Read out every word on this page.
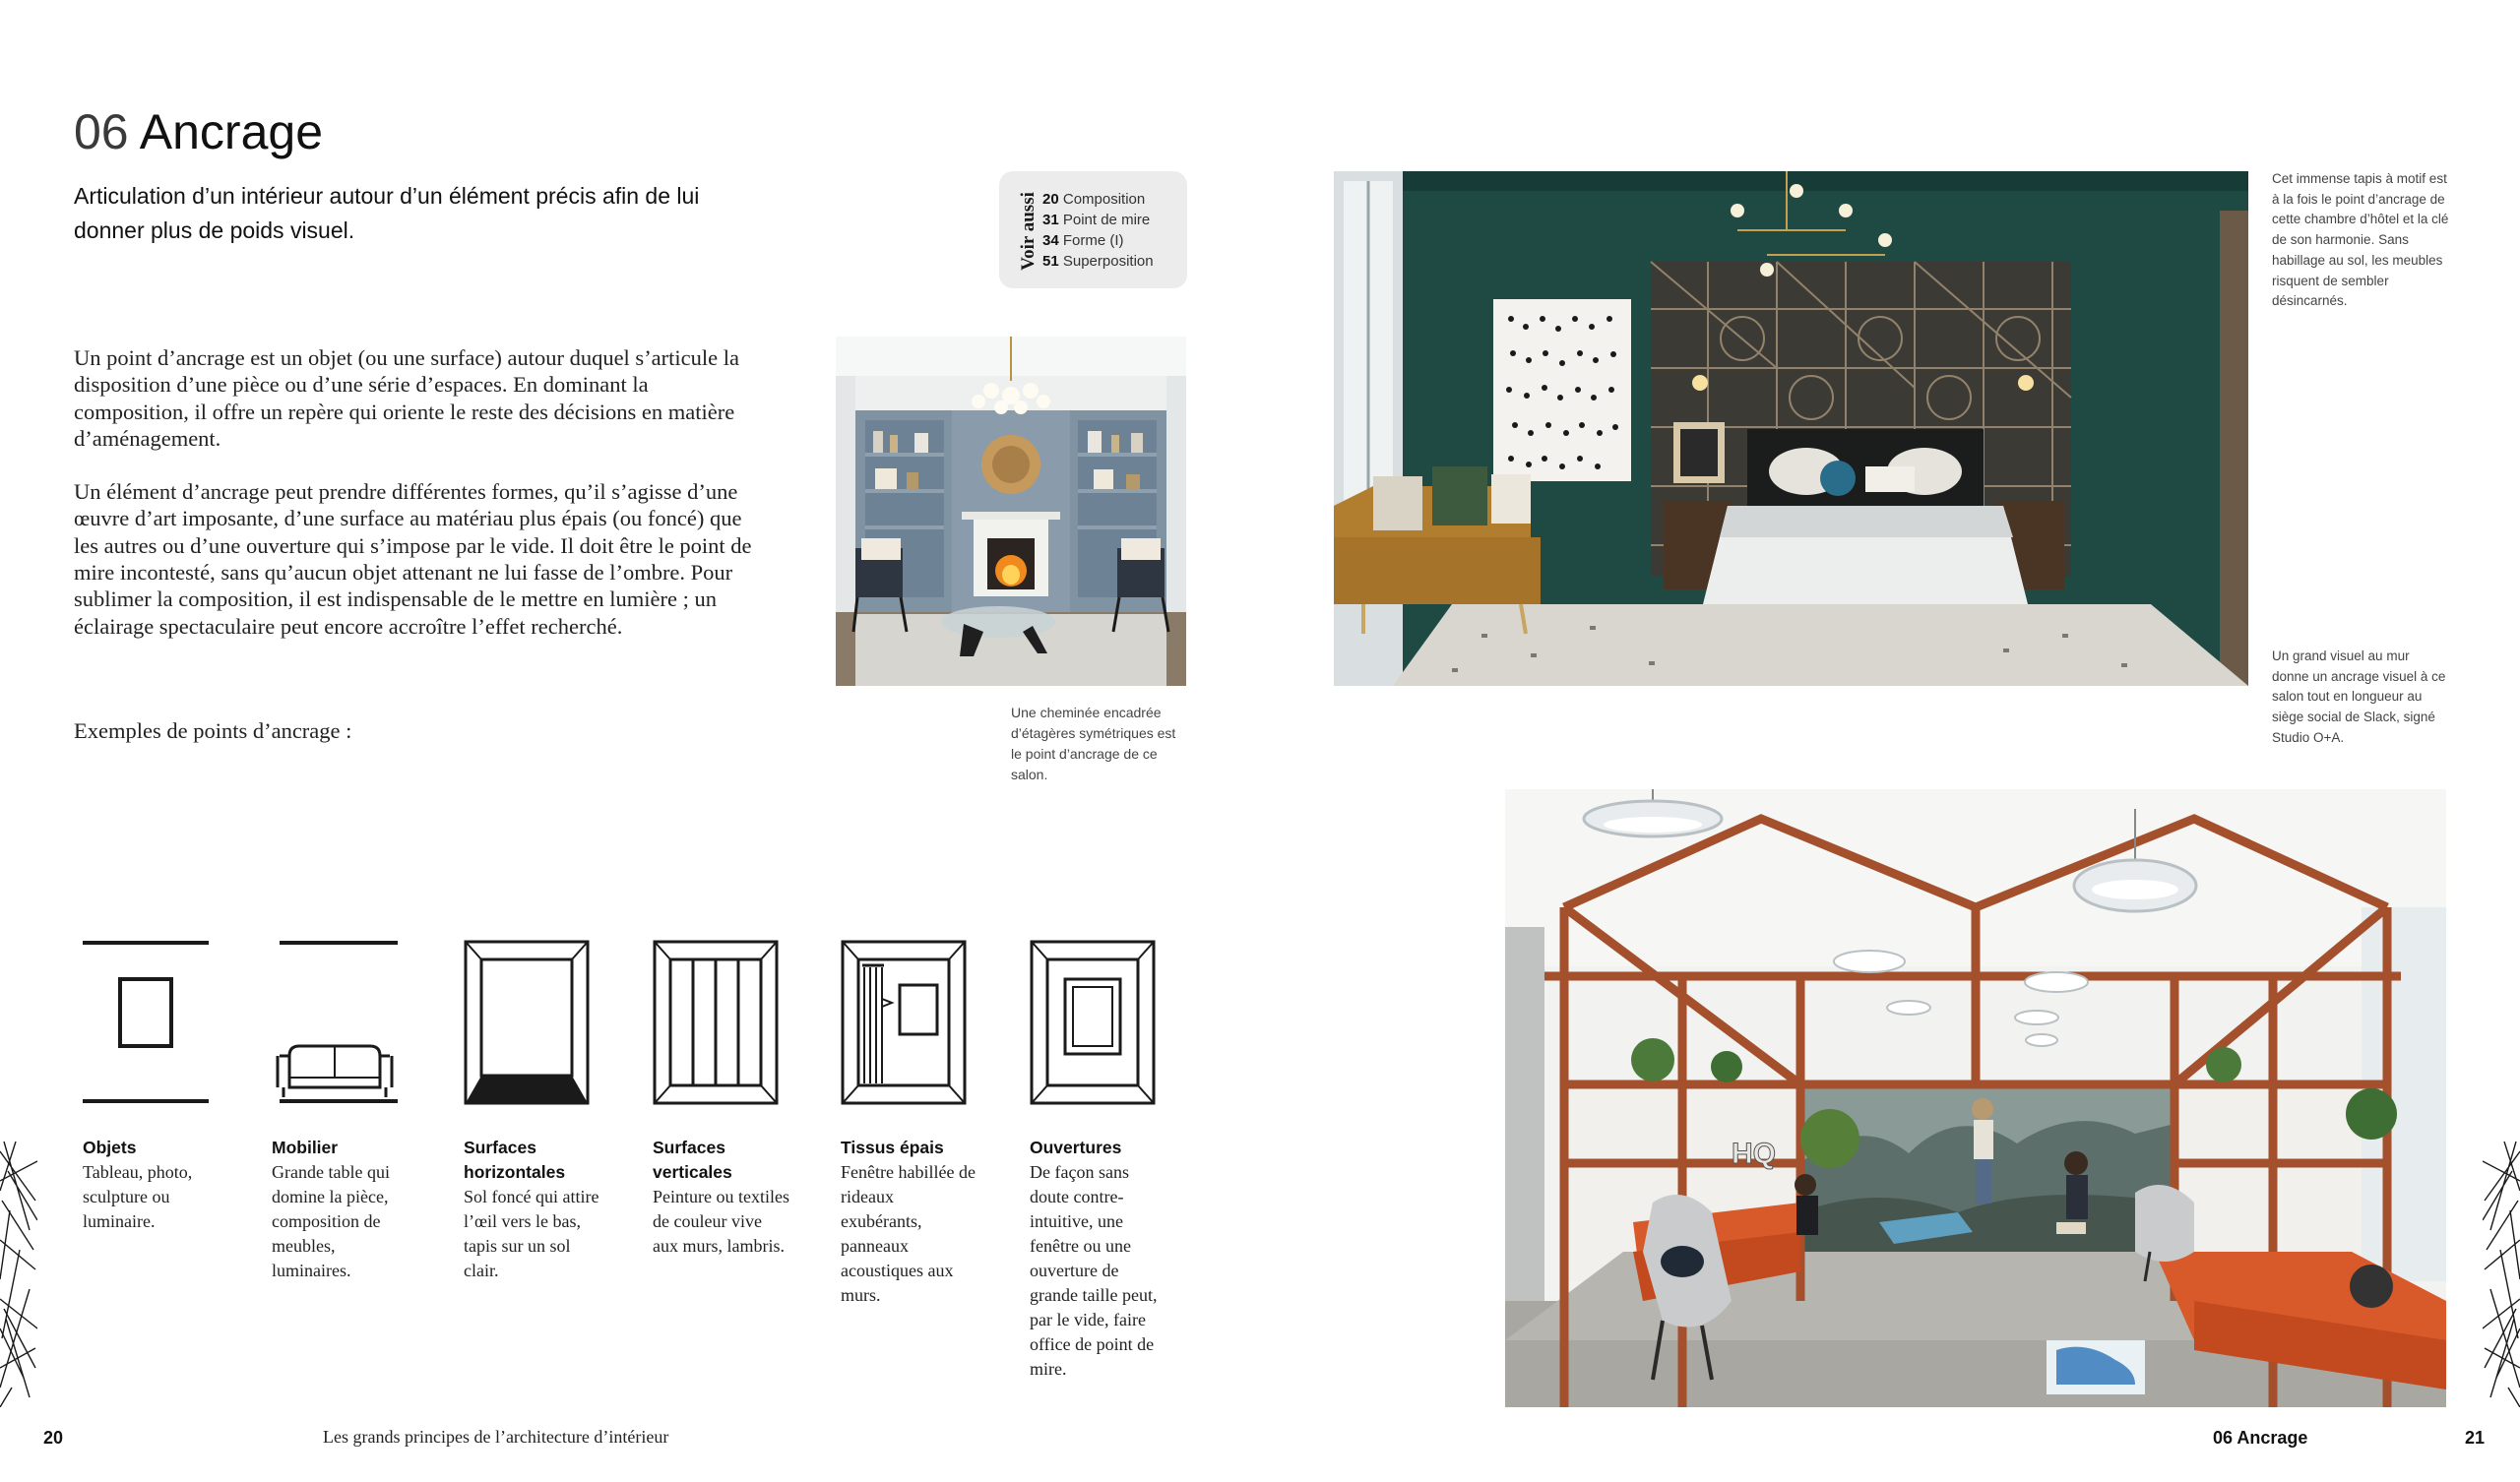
06 Ancrage
Articulation d’un intérieur autour d’un élément précis afin de lui donner plus de poids visuel.	Voir aussi 20 Composition
31 Point de mire
34 Forme (I)
51 Superposition

Un point d’ancrage est un objet (ou une surface) autour duquel s’articule la disposition d’une pièce ou d’une série d’espaces. En dominant la composition, il offre un repère qui oriente le reste des décisions en matière d’aménagement.

Un élément d’ancrage peut prendre différentes formes, qu’il s’agisse d’une œuvre d’art imposante, d’une surface au matériau plus épais (ou foncé) que les autres ou d’une ouverture qui s’impose par le vide. Il doit être le point de mire incontesté, sans qu’aucun objet attenant ne lui fasse de l’ombre. Pour sublimer la composition, il est indispensable de le mettre en lumière ; un éclairage spectaculaire peut encore accroître l’effet recherché.

Une cheminée encadrée d’étagères symétriques est le point d’ancrage de ce salon.
Exemples de points d’ancrage :
Objets
Tableau, photo, sculpture ou luminaire.
Mobilier
Grande table qui domine la pièce, composition de meubles, luminaires.
Surfaces horizontales
Sol foncé qui attire l’œil vers le bas, tapis sur un sol clair.
Surfaces verticales
Peinture ou textiles de couleur vive aux murs, lambris.
Tissus épais
Fenêtre habillée de rideaux exubérants, panneaux acoustiques aux murs.
Ouvertures
De façon sans doute contre-intuitive, une fenêtre ou une ouverture de grande taille peut, par le vide, faire office de point de mire.
20	Les grands principes de l’architecture d’intérieur
Cet immense tapis à motif est à la fois le point d’ancrage de cette chambre d’hôtel et la clé de son harmonie. Sans habillage au sol, les meubles risquent de sembler désincarnés.
Un grand visuel au mur donne un ancrage visuel à ce salon tout en longueur au siège social de Slack, signé Studio O+A.
HQ
06 Ancrage	21
